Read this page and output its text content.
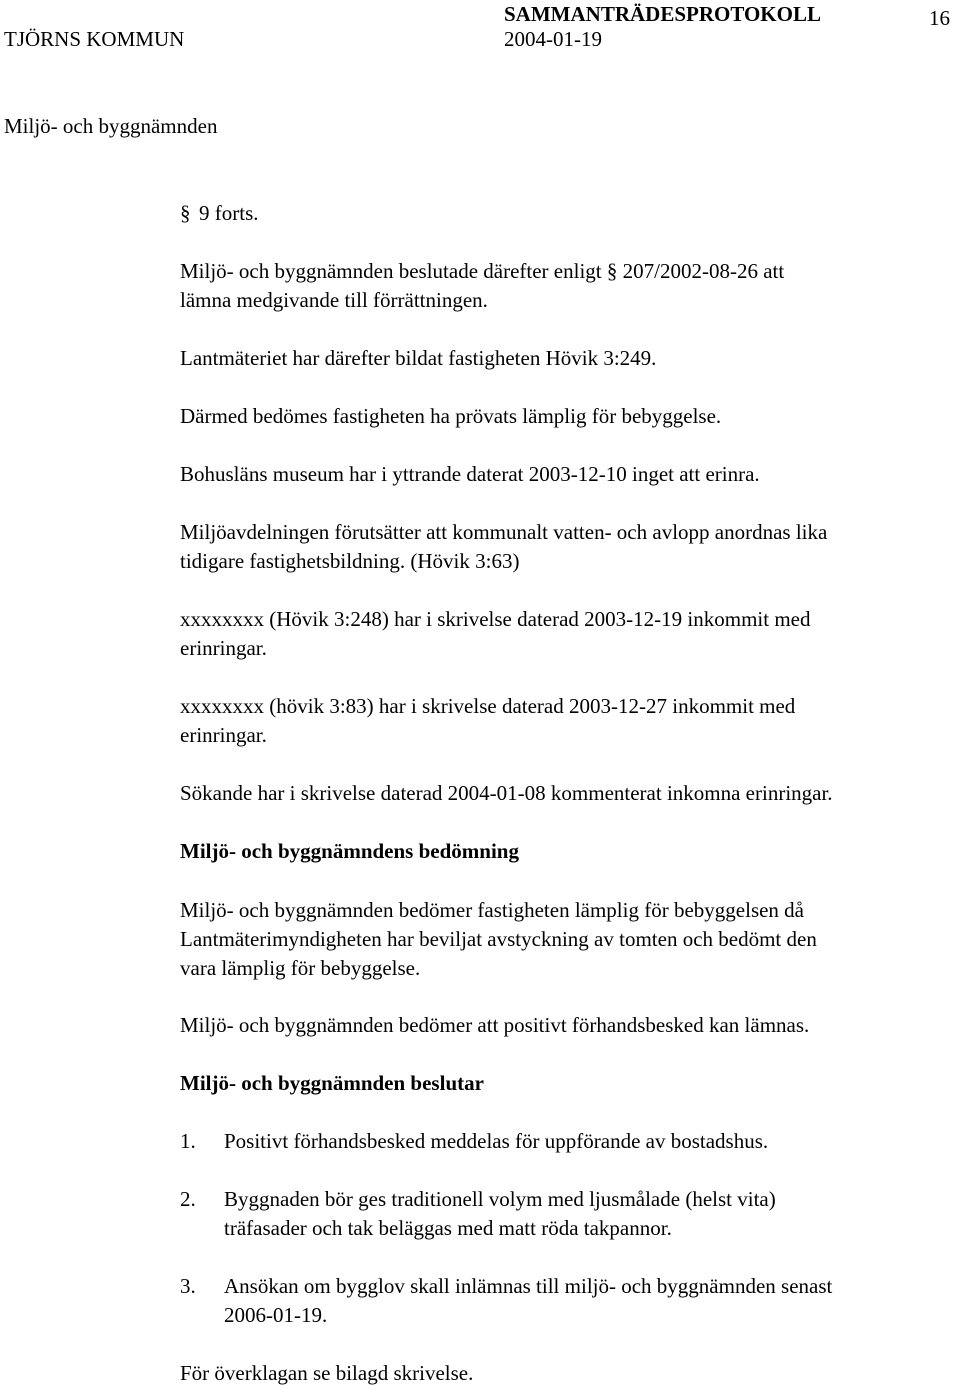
TJÖRNS KOMMUN
SAMMANTRÄDESPROTOKOLL
2004-01-19
16
Miljö- och byggnämnden
§ 9 forts.

Miljö- och byggnämnden beslutade därefter enligt § 207/2002-08-26 att
lämna medgivande till förrättningen.

Lantmäteriet har därefter bildat fastigheten Hövik 3:249.

Därmed bedömes fastigheten ha prövats lämplig för bebyggelse.

Bohusläns museum har i yttrande daterat 2003-12-10 inget att erinra.

Miljöavdelningen förutsätter att kommunalt vatten- och avlopp anordnas lika
tidigare fastighetsbildning. (Hövik 3:63)

xxxxxxxx (Hövik 3:248) har i skrivelse daterad 2003-12-19 inkommit med
erinringar.

xxxxxxxx (hövik 3:83) har i skrivelse daterad 2003-12-27 inkommit med
erinringar.

Sökande har i skrivelse daterad 2004-01-08 kommenterat inkomna erinringar.

Miljö- och byggnämndens bedömning

Miljö- och byggnämnden bedömer fastigheten lämplig för bebyggelsen då
Lantmäterimyndigheten har beviljat avstyckning av tomten och bedömt den
vara lämplig för bebyggelse.

Miljö- och byggnämnden bedömer att positivt förhandsbesked kan lämnas.

Miljö- och byggnämnden beslutar
1. Positivt förhandsbesked meddelas för uppförande av bostadshus.
2. Byggnaden bör ges traditionell volym med ljusmålade (helst vita)
träfasader och tak beläggas med matt röda takpannor.
3. Ansökan om bygglov skall inlämnas till miljö- och byggnämnden senast
2006-01-19.
För överklagan se bilagd skrivelse.
